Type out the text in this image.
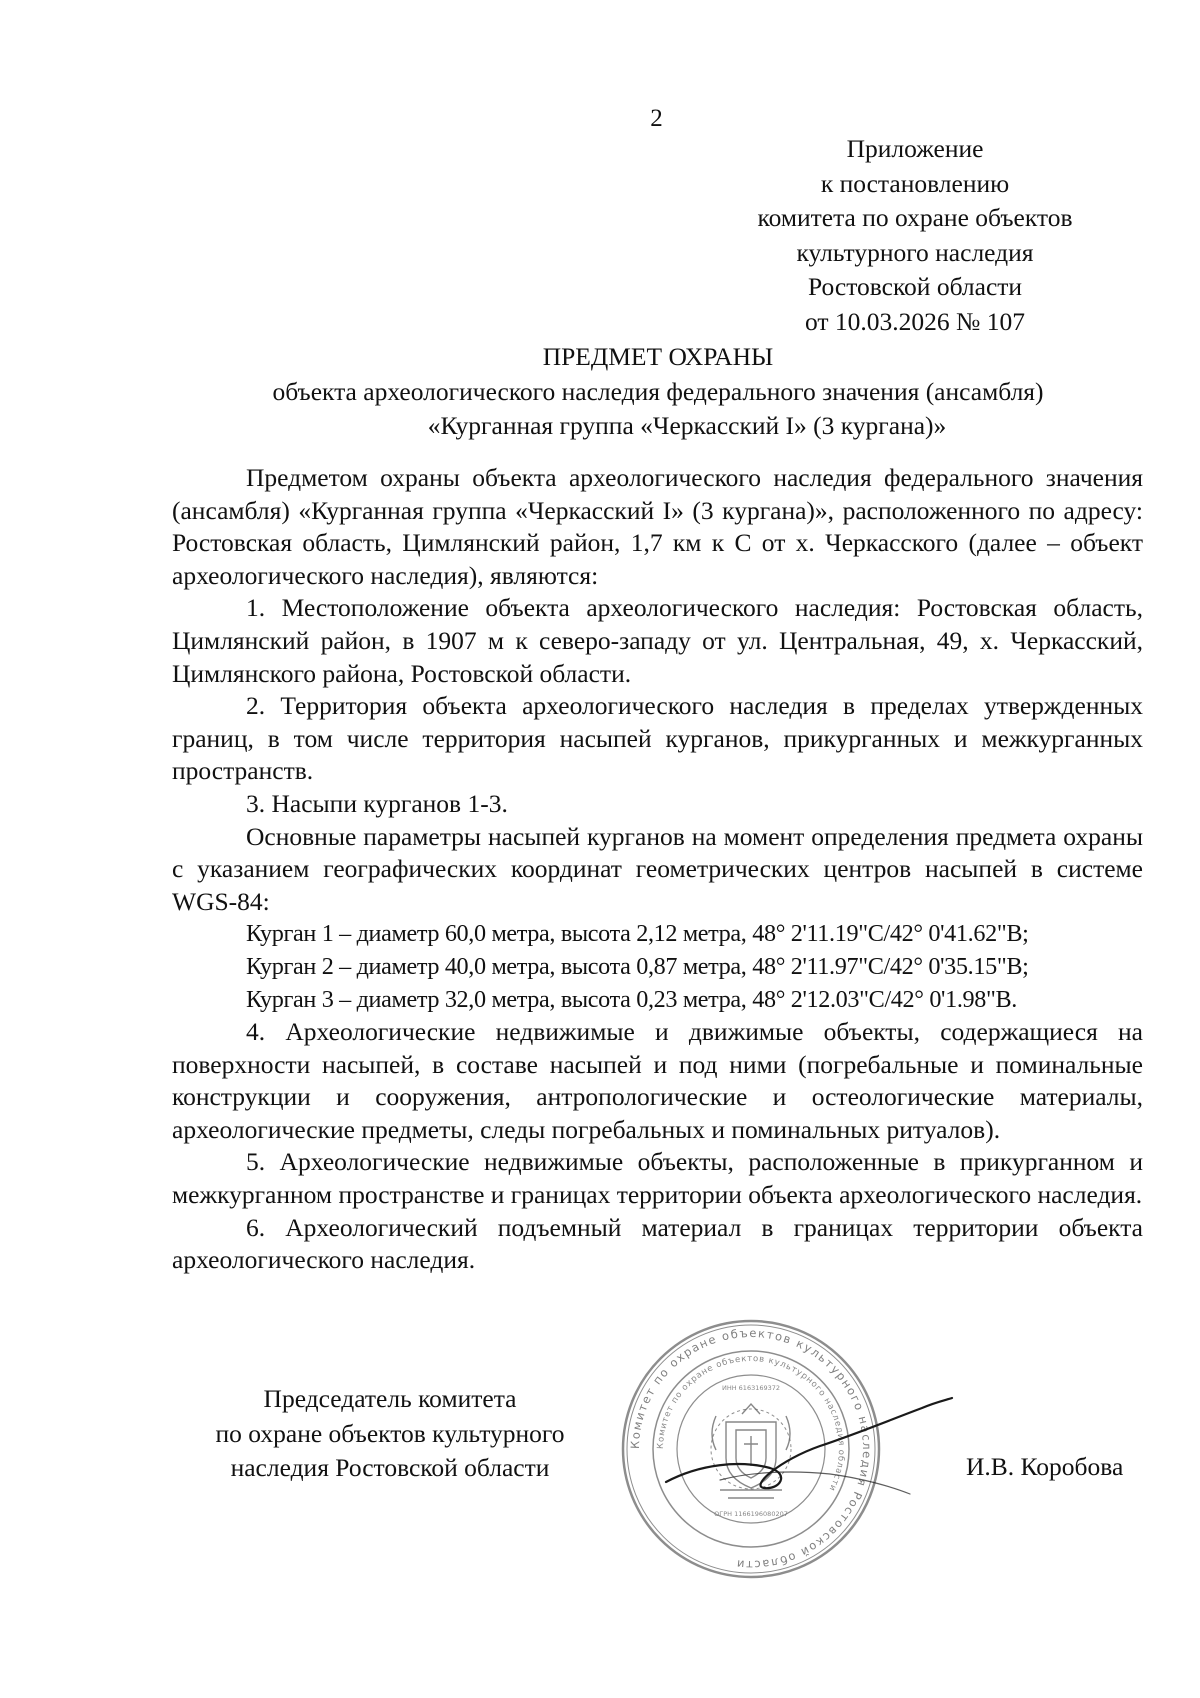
2
Приложение
к постановлению
комитета по охране объектов
культурного наследия
Ростовской области
от 10.03.2026 № 107
ПРЕДМЕТ ОХРАНЫ
объекта археологического наследия федерального значения (ансамбля)
«Курганная группа «Черкасский I» (3 кургана)»

Предметом охраны объекта археологического наследия федерального значения (ансамбля) «Курганная группа «Черкасский I» (3 кургана)», расположенного по адресу: Ростовская область, Цимлянский район, 1,7 км к С от х. Черкасского (далее – объект археологического наследия), являются:

1. Местоположение объекта археологического наследия: Ростовская область, Цимлянский район, в 1907 м к северо-западу от ул. Центральная, 49, х. Черкасский, Цимлянского района, Ростовской области.

2. Территория объекта археологического наследия в пределах утвержденных границ, в том числе территория насыпей курганов, прикурганных и межкурганных пространств.

3. Насыпи курганов 1-3.

Основные параметры насыпей курганов на момент определения предмета охраны с указанием географических координат геометрических центров насыпей в системе WGS-84:

Курган 1 – диаметр 60,0 метра, высота 2,12 метра, 48° 2'11.19"С/42° 0'41.62"В;

Курган 2 – диаметр 40,0 метра, высота 0,87 метра, 48° 2'11.97"С/42° 0'35.15"В;

Курган 3 – диаметр 32,0 метра, высота 0,23 метра, 48° 2'12.03"С/42° 0'1.98"В.

4. Археологические недвижимые и движимые объекты, содержащиеся на поверхности насыпей, в составе насыпей и под ними (погребальные и поминальные конструкции и сооружения, антропологические и остеологические материалы, археологические предметы, следы погребальных и поминальных ритуалов).

5. Археологические недвижимые объекты, расположенные в прикурганном и межкурганном пространстве и границах территории объекта археологического наследия.

6. Археологический подъемный материал в границах территории объекта археологического наследия.

Председатель комитета
по охране объектов культурного
наследия Ростовской области
Комитет по охране объектов культурного наследия Ростовской области
Комитет по охране объектов культурного наследия области
ИНН 6163169372
ОГРН 1166196080207
И.В. Коробова
